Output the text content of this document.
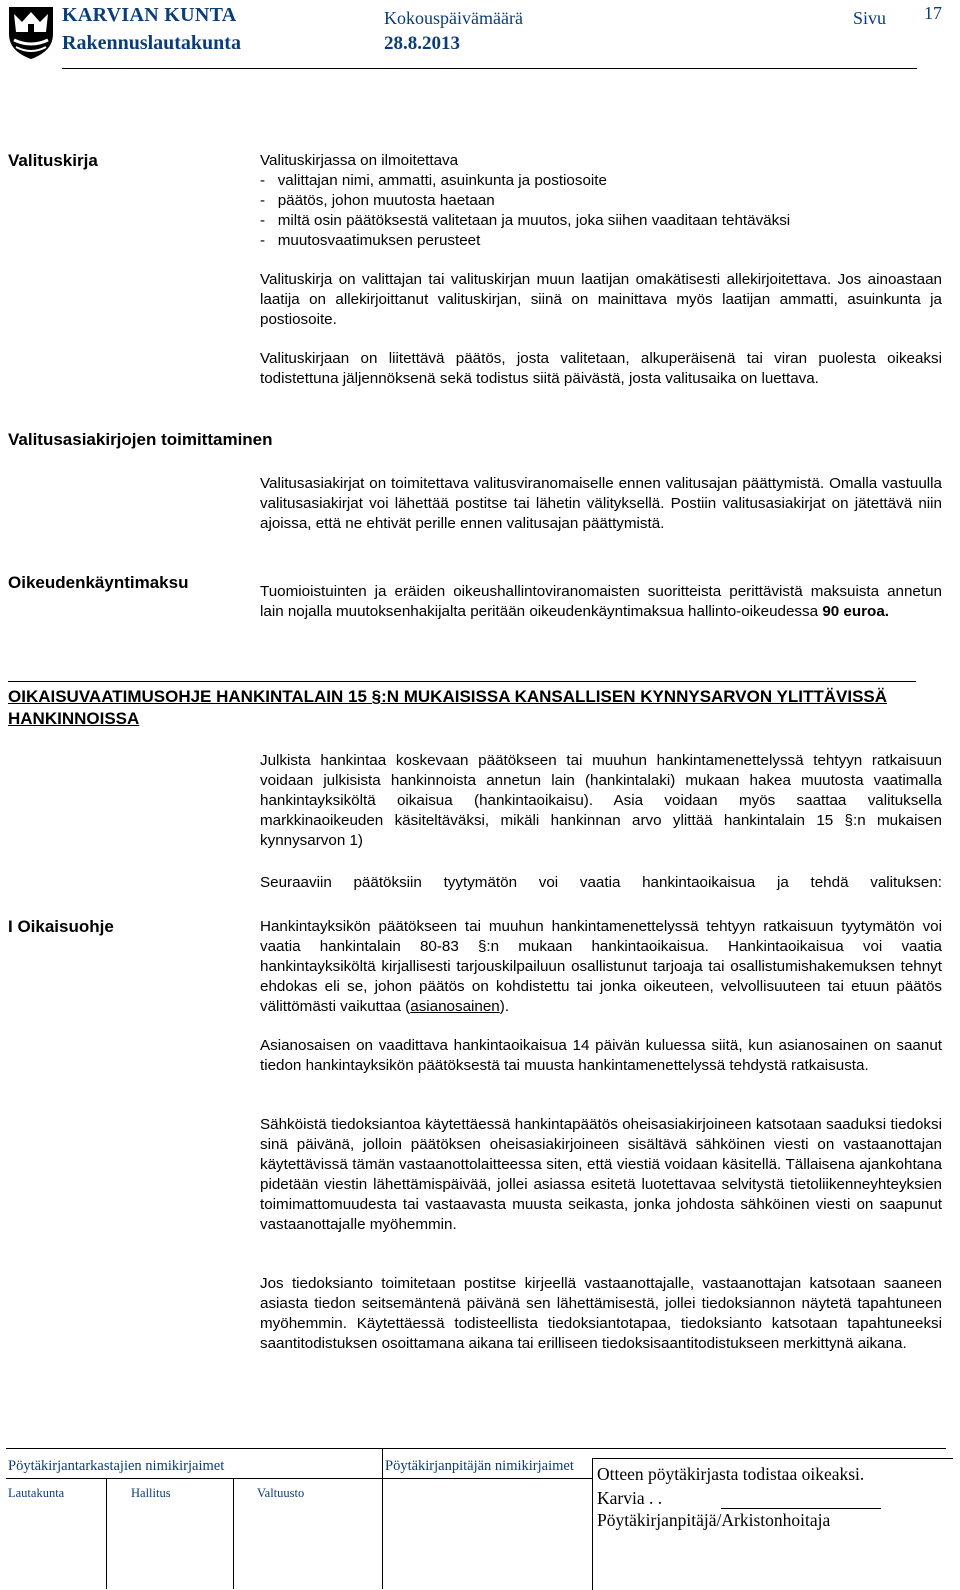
KARVIAN KUNTA
Rakennuslautakunta
Kokouspäivämäärä
28.8.2013
Sivu 17
Valituskirja	Valituskirjassa on ilmoitettava
-   valittajan nimi, ammatti, asuinkunta ja postiosoite
-   päätös, johon muutosta haetaan
-   miltä osin päätöksestä valitetaan ja muutos, joka siihen vaaditaan tehtäväksi
-   muutosvaatimuksen perusteet
Valituskirja on valittajan tai valituskirjan muun laatijan omakätisesti allekirjoitettava. Jos ainoastaan laatija on allekirjoittanut valituskirjan, siinä on mainittava myös laatijan ammatti, asuinkunta ja postiosoite.
Valituskirjaan on liitettävä päätös, josta valitetaan, alkuperäisenä tai viran puolesta oikeaksi todistettuna jäljennöksenä sekä todistus siitä päivästä, josta valitusaika on luettava.
Valitusasiakirjojen toimittaminen
Valitusasiakirjat on toimitettava valitusviranomaiselle ennen valitusajan päättymistä. Omalla vastuulla valitusasiakirjat voi lähettää postitse tai lähetin välityksellä. Postiin valitusasiakirjat on jätettävä niin ajoissa, että ne ehtivät perille ennen valitusajan päättymistä.
Oikeudenkäyntimaksu	Tuomioistuinten ja eräiden oikeushallintoviranomaisten suoritteista perittävistä maksuista annetun lain nojalla muutoksenhakijalta peritään oikeudenkäyntimaksua hallinto-oikeudessa 90 euroa.
OIKAISUVAATIMUSOHJE HANKINTALAIN 15 §:N MUKAISISSA KANSALLISEN KYNNYSARVON YLITTÄVISSÄ HANKINNOISSA
Julkista hankintaa koskevaan päätökseen tai muuhun hankintamenettelyssä tehtyyn ratkaisuun voidaan julkisista hankinnoista annetun lain (hankintalaki) mukaan hakea muutosta vaatimalla hankintayksiköltä oikaisua (hankintaoikaisu). Asia voidaan myös saattaa valituksella markkinaoikeuden käsiteltäväksi, mikäli hankinnan arvo ylittää hankintalain 15 §:n mukaisen kynnysarvon 1)
Seuraaviin päätöksiin tyytymätön voi vaatia hankintaoikaisua ja tehdä valituksen:
I Oikaisuohje	Hankintayksikön päätökseen tai muuhun hankintamenettelyssä tehtyyn ratkaisuun tyytymätön voi vaatia hankintalain 80-83 §:n mukaan hankintaoikaisua. Hankintaoikaisua voi vaatia hankintayksiköltä kirjallisesti tarjouskilpailuun osallistunut tarjoaja tai osallistumishakemuksen tehnyt ehdokas eli se, johon päätös on kohdistettu tai jonka oikeuteen, velvollisuuteen tai etuun päätös välittömästi vaikuttaa (asianosainen).
Asianosaisen on vaadittava hankintaoikaisua 14 päivän kuluessa siitä, kun asianosainen on saanut tiedon hankintayksikön päätöksestä tai muusta hankintamenettelyssä tehdystä ratkaisusta.
Sähköistä tiedoksiantoa käytettäessä hankintapäätös oheisasiakirjoineen katsotaan saaduksi tiedoksi sinä päivänä, jolloin päätöksen oheisasiakirjoineen sisältävä sähköinen viesti on vastaanottajan käytettävissä tämän vastaanottolaitteessa siten, että viestiä voidaan käsitellä. Tällaisena ajankohtana pidetään viestin lähettämispäivää, jollei asiassa esitetä luotettavaa selvitystä tietoliikenneyhteyksien toimimattomuudesta tai vastaavasta muusta seikasta, jonka johdosta sähköinen viesti on saapunut vastaanottajalle myöhemmin.
Jos tiedoksianto toimitetaan postitse kirjeellä vastaanottajalle, vastaanottajan katsotaan saaneen asiasta tiedon seitsemäntenä päivänä sen lähettämisestä, jollei tiedoksiannon näytetä tapahtuneen myöhemmin. Käytettäessä todisteellista tiedoksiantotapaa, tiedoksianto katsotaan tapahtuneeksi saantitodistuksen osoittamana aikana tai erilliseen tiedoksisaantitodistukseen merkittynä aikana.
Pöytäkirjantarkastajien nimikirjaimet	Pöytäkirjanpitäjän nimikirjaimet
Lautakunta	Hallitus	Valtuusto
Otteen pöytäkirjasta todistaa oikeaksi.
Karvia . .
Pöytäkirjanpitäjä/Arkistonhoitaja
